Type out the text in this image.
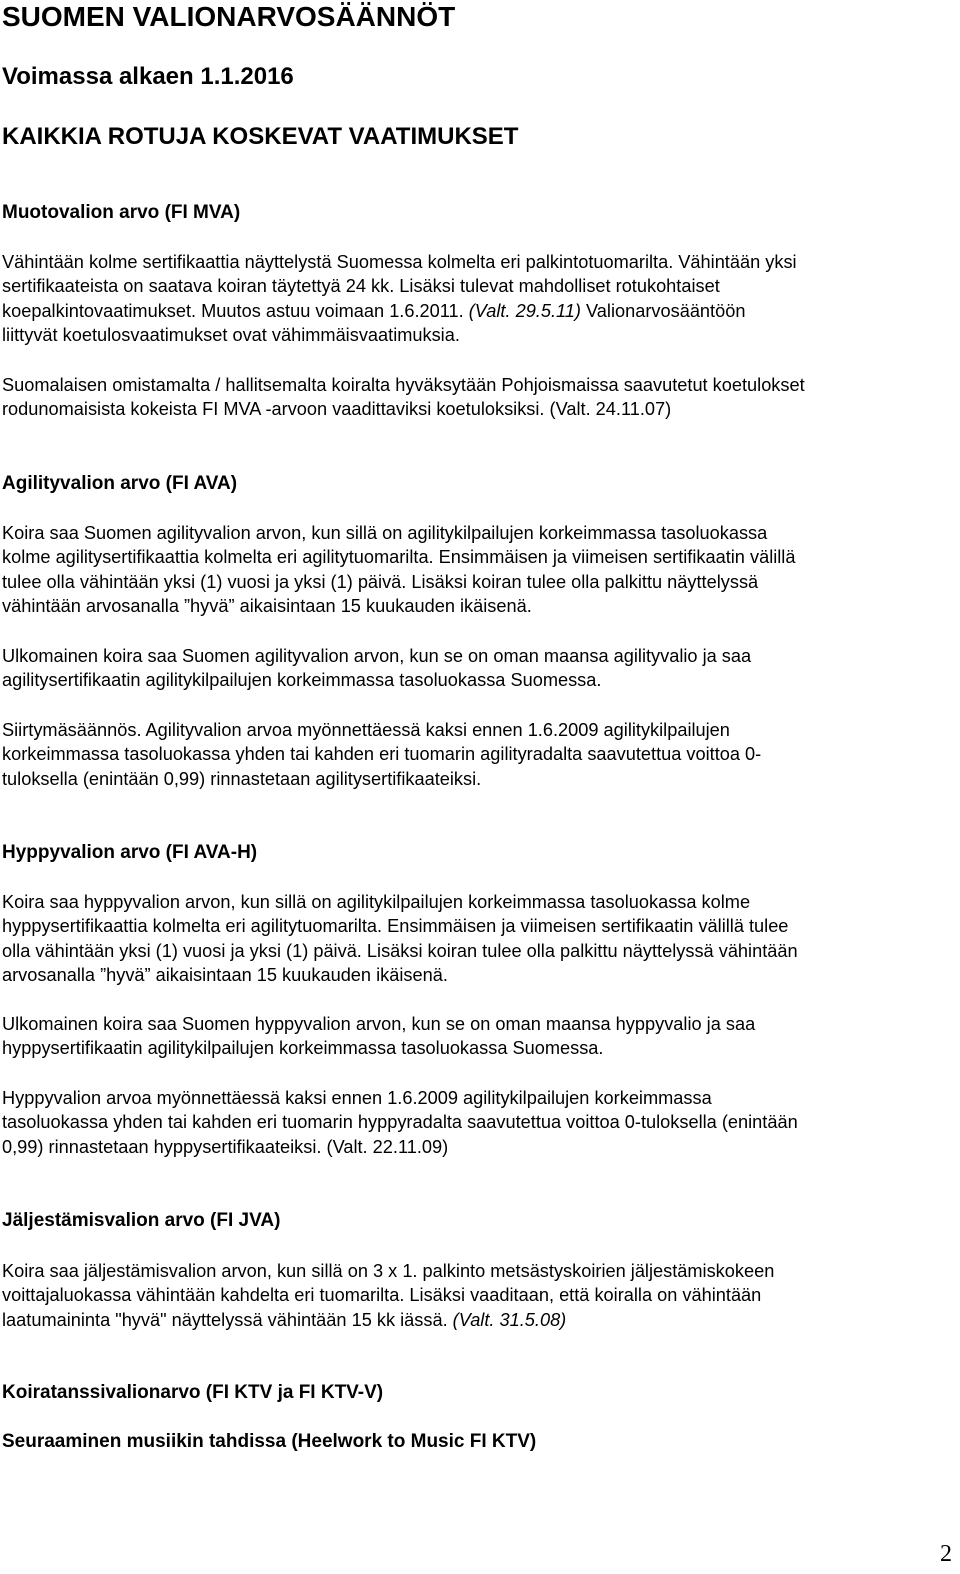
SUOMEN VALIONARVOSÄÄNNÖT
Voimassa alkaen 1.1.2016
KAIKKIA ROTUJA KOSKEVAT VAATIMUKSET
Muotovalion arvo (FI MVA)
Vähintään kolme sertifikaattia näyttelystä Suomessa kolmelta eri palkintotuomarilta. Vähintään yksi
sertifikaateista on saatava koiran täytettyä 24 kk. Lisäksi tulevat mahdolliset rotukohtaiset
koepalkintovaatimukset. Muutos astuu voimaan 1.6.2011. (Valt. 29.5.11) Valionarvosääntöön
liittyvät koetulosvaatimukset ovat vähimmäisvaatimuksia.
Suomalaisen omistamalta / hallitsemalta koiralta hyväksytään Pohjoismaissa saavutetut koetulokset
rodunomaisista kokeista FI MVA -arvoon vaadittaviksi koetuloksiksi. (Valt. 24.11.07)
Agilityvalion arvo (FI AVA)
Koira saa Suomen agilityvalion arvon, kun sillä on agilitykilpailujen korkeimmassa tasoluokassa
kolme agilitysertifikaattia kolmelta eri agilitytuomarilta. Ensimmäisen ja viimeisen sertifikaatin välillä
tulee olla vähintään yksi (1) vuosi ja yksi (1) päivä. Lisäksi koiran tulee olla palkittu näyttelyssä
vähintään arvosanalla ”hyvä” aikaisintaan 15 kuukauden ikäisenä.
Ulkomainen koira saa Suomen agilityvalion arvon, kun se on oman maansa agilityvalio ja saa
agilitysertifikaatin agilitykilpailujen korkeimmassa tasoluokassa Suomessa.
Siirtymäsäännös. Agilityvalion arvoa myönnettäessä kaksi ennen 1.6.2009 agilitykilpailujen
korkeimmassa tasoluokassa yhden tai kahden eri tuomarin agilityradalta saavutettua voittoa 0-
tuloksella (enintään 0,99) rinnastetaan agilitysertifikaateiksi.
Hyppyvalion arvo (FI AVA-H)
Koira saa hyppyvalion arvon, kun sillä on agilitykilpailujen korkeimmassa tasoluokassa kolme
hyppysertifikaattia kolmelta eri agilitytuomarilta. Ensimmäisen ja viimeisen sertifikaatin välillä tulee
olla vähintään yksi (1) vuosi ja yksi (1) päivä. Lisäksi koiran tulee olla palkittu näyttelyssä vähintään
arvosanalla ”hyvä” aikaisintaan 15 kuukauden ikäisenä.
Ulkomainen koira saa Suomen hyppyvalion arvon, kun se on oman maansa hyppyvalio ja saa
hyppysertifikaatin agilitykilpailujen korkeimmassa tasoluokassa Suomessa.
Hyppyvalion arvoa myönnettäessä kaksi ennen 1.6.2009 agilitykilpailujen korkeimmassa
tasoluokassa yhden tai kahden eri tuomarin hyppyradalta saavutettua voittoa 0-tuloksella (enintään
0,99) rinnastetaan hyppysertifikaateiksi. (Valt. 22.11.09)
Jäljestämisvalion arvo (FI JVA)
Koira saa jäljestämisvalion arvon, kun sillä on 3 x 1. palkinto metsästyskoirien jäljestämiskokeen
voittajaluokassa vähintään kahdelta eri tuomarilta. Lisäksi vaaditaan, että koiralla on vähintään
laatumaininta "hyvä" näyttelyssä vähintään 15 kk iässä. (Valt. 31.5.08)
Koiratanssivalionarvo (FI KTV ja FI KTV-V)
Seuraaminen musiikin tahdissa (Heelwork to Music FI KTV)
2
